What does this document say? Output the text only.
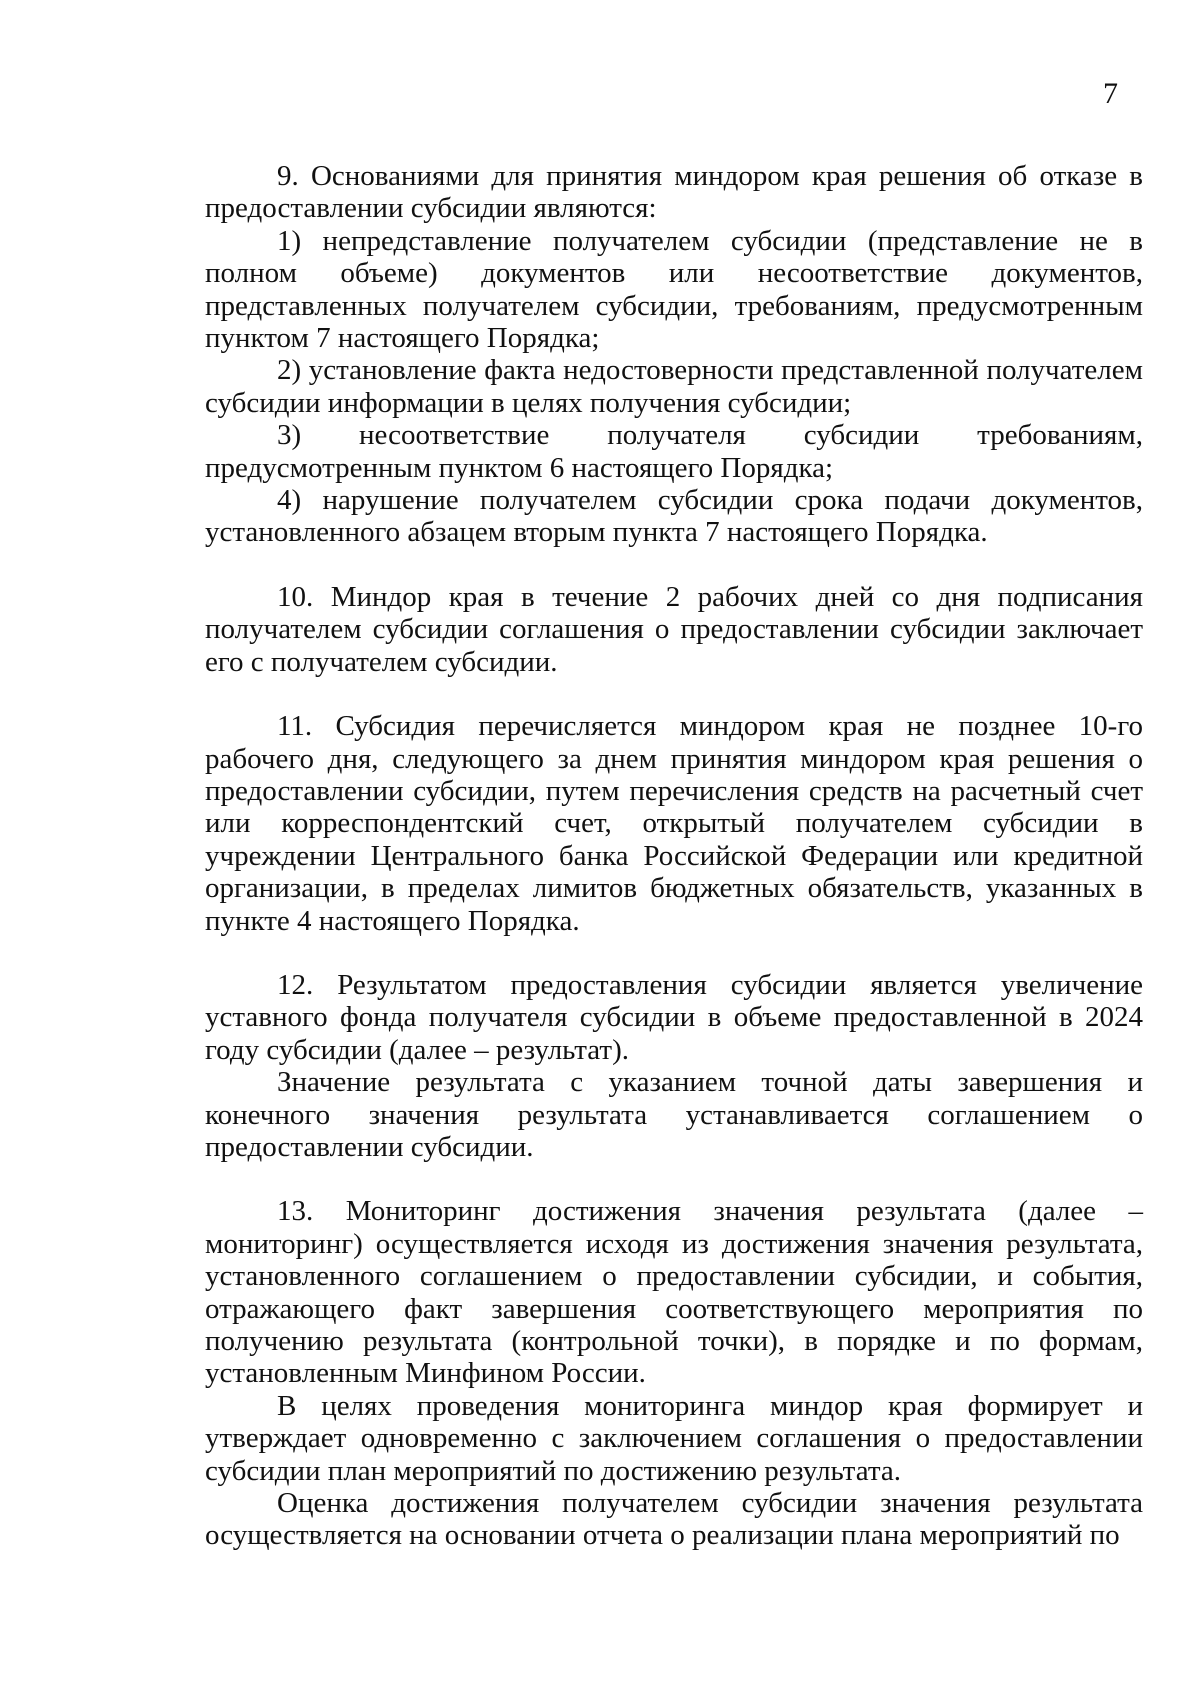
7

9. Основаниями для принятия миндором края решения об отказе в предоставлении субсидии являются:

1) непредставление получателем субсидии (представление не в полном объеме) документов или несоответствие документов, представленных получателем субсидии, требованиям, предусмотренным пунктом 7 настоящего Порядка;

2) установление факта недостоверности представленной получателем субсидии информации в целях получения субсидии;

3) несоответствие получателя субсидии требованиям, предусмотренным пунктом 6 настоящего Порядка;

4) нарушение получателем субсидии срока подачи документов, установленного абзацем вторым пункта 7 настоящего Порядка.

10. Миндор края в течение 2 рабочих дней со дня подписания получателем субсидии соглашения о предоставлении субсидии заключает его с получателем субсидии.

11. Субсидия перечисляется миндором края не позднее 10-го рабочего дня, следующего за днем принятия миндором края решения о предоставлении субсидии, путем перечисления средств на расчетный счет или корреспондентский счет, открытый получателем субсидии в учреждении Центрального банка Российской Федерации или кредитной организации, в пределах лимитов бюджетных обязательств, указанных в пункте 4 настоящего Порядка.

12. Результатом предоставления субсидии является увеличение уставного фонда получателя субсидии в объеме предоставленной в 2024 году субсидии (далее – результат).

Значение результата с указанием точной даты завершения и конечного значения результата устанавливается соглашением о предоставлении субсидии.

13. Мониторинг достижения значения результата (далее – мониторинг) осуществляется исходя из достижения значения результата, установленного соглашением о предоставлении субсидии, и события, отражающего факт завершения соответствующего мероприятия по получению результата (контрольной точки), в порядке и по формам, установленным Минфином России.

В целях проведения мониторинга миндор края формирует и утверждает одновременно с заключением соглашения о предоставлении субсидии план мероприятий по достижению результата.

Оценка достижения получателем субсидии значения результата осуществляется на основании отчета о реализации плана мероприятий по
